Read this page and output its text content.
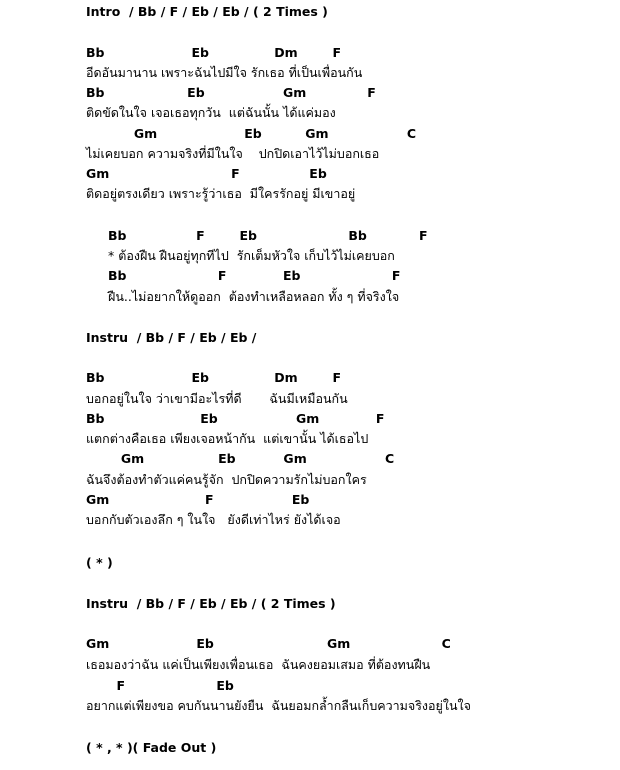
Intro  / Bb / F / Eb / Eb / ( 2 Times )
Bb                    Eb               Dm        F
อีดอันมานาน เพราะฉันไปมีใจ รักเธอ ที่เป็นเพื่อนกัน
Bb                   Eb                  Gm              F
ติดขัดในใจ เจอเธอทุกวัน  แต่ฉันนั้น ได้แค่มอง
Gm                    Eb          Gm                  C
ไม่เคยบอก ความจริงที่มีในใจ    ปกปิดเอาไว้ไม่บอกเธอ
Gm                            F                Eb
ติดอยู่ตรงเดียว เพราะรู้ว่าเธอ  มีใครรักอยู่ มีเขาอยู่
Bb                F        Eb                     Bb            F
* ต้องฝืน ฝืนอยู่ทุกทีไป  รักเต็มหัวใจ เก็บไว้ไม่เคยบอก
Bb                     F             Eb                     F
ฝืน..ไม่อยากให้ดูออก  ต้องทำเหลือหลอก ทั้ง ๆ ที่จริงใจ
Instru  / Bb / F / Eb / Eb /
Bb                    Eb               Dm        F
บอกอยู่ในใจ ว่าเขามีอะไรที่ดี       ฉันมีเหมือนกัน
Bb                      Eb                  Gm             F
แตกต่างคือเธอ เพียงเจอหน้ากัน  แต่เขานั้น ได้เธอไป
Gm                 Eb           Gm                  C
ฉันจึงต้องทำตัวแค่คนรู้จัก  ปกปิดความรักไม่บอกใคร
Gm                      F                  Eb
บอกกับตัวเองลึก ๆ ในใจ   ยังดีเท่าไหร่ ยังได้เจอ
( * )
Instru  / Bb / F / Eb / Eb / ( 2 Times )
Gm                    Eb                          Gm                     C
เธอมองว่าฉัน แค่เป็นเพียงเพื่อนเธอ  ฉันคงยอมเสมอ ที่ต้องทนฝืน
F                     Eb
อยากแต่เพียงขอ คบกันนานยังยืน  ฉันยอมกล้ำกลืนเก็บความจริงอยู่ในใจ
( * , * )( Fade Out )
